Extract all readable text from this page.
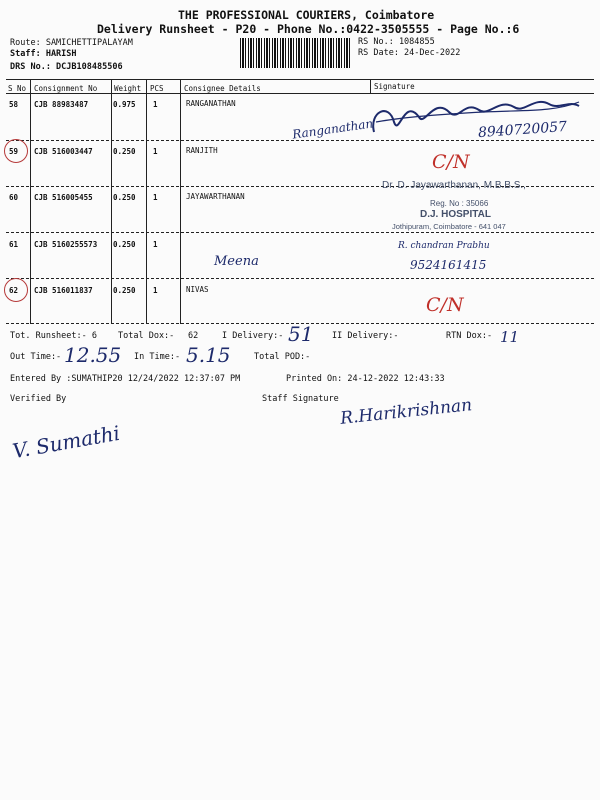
THE PROFESSIONAL COURIERS, Coimbatore
Delivery Runsheet - P20 - Phone No.:0422-3505555 - Page No.:6
Route: SAMICHETTIPALAYAM
Staff: HARISH
DRS No.: DCJB108485506
RS No.: 1084855
RS Date: 24-Dec-2022
S No Consignment No Weight PCS	Consignee Details	Signature
58 CJB 88983487	0.975 1	RANGANATHAN
Ranganathan	8940720057
59 CJB 516003447	0.250 1	RANJITH
C/N
60 CJB 516005455	0.250 1	JAYAWARTHANAN
Dr. D. Jayawarthanan, M.B.B.S.,
Reg. No : 35066
D.J. HOSPITAL
Jothipuram, Coimbatore - 641 047
61 CJB 5160255573 0.250 1
Meena
R. chandran Prabhu
9524161415
62 CJB 516011837	0.250 1	NIVAS
C/N
Tot. Runsheet:- 6 Total Dox:- 62	I Delivery:- 51 II Delivery:-	RTN Dox:- 11
Out Time:- 12.55 In Time:- 5.15	Total POD:-
Entered By :SUMATHIP20 12/24/2022 12:37:07 PM	Printed On: 24-12-2022 12:43:33
Verified By	Staff Signature
V. Sumathi
R.Harikrishnan
